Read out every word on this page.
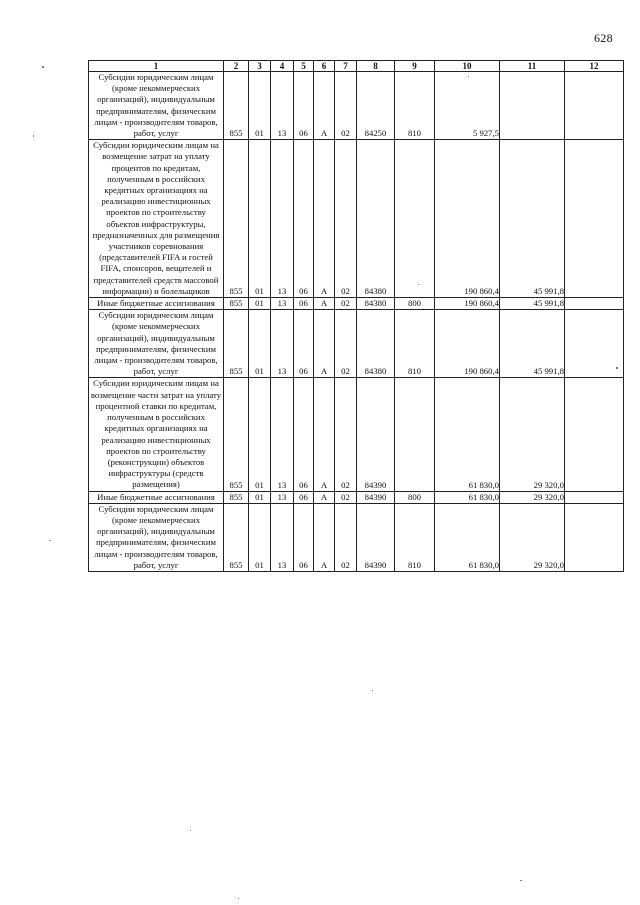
628
1	2	3	4	5	6	7	8	9	10	11	12
Субсидии юридическим лицам (кроме некоммерческих организаций), индивидуальным предпринимателям, физическим лицам - производителям товаров, работ, услуг	855	01	13	06	А	02	84250	810	5 927,5		
Субсидии юридическим лицам на возмещение затрат на уплату процентов по кредитам, полученным в российских кредитных организациях на реализацию инвестиционных проектов по строительству объектов инфраструктуры, предназначенных для размещения участников соревнования (представителей FIFA и гостей FIFA, спонсоров, вещателей и представителей средств массовой информации) и болельщиков	855	01	13	06	А	02	84380		190 860,4	45 991,8	
Иные бюджетные ассигнования	855	01	13	06	А	02	84380	800	190 860,4	45 991,8	
Субсидии юридическим лицам (кроме некоммерческих организаций), индивидуальным предпринимателям, физическим лицам - производителям товаров, работ, услуг	855	01	13	06	А	02	84380	810	190 860,4	45 991,8	
Субсидии юридическим лицам на возмещение части затрат на уплату процентной ставки по кредитам, полученным в российских кредитных организациях на реализацию инвестиционных проектов по строительству (реконструкции) объектов инфраструктуры (средств размещения)	855	01	13	06	А	02	84390		61 830,0	29 320,0	
Иные бюджетные ассигнования	855	01	13	06	А	02	84390	800	61 830,0	29 320,0	
Субсидии юридическим лицам (кроме некоммерческих организаций), индивидуальным предпринимателям, физическим лицам - производителям товаров, работ, услуг	855	01	13	06	А	02	84390	810	61 830,0	29 320,0	
